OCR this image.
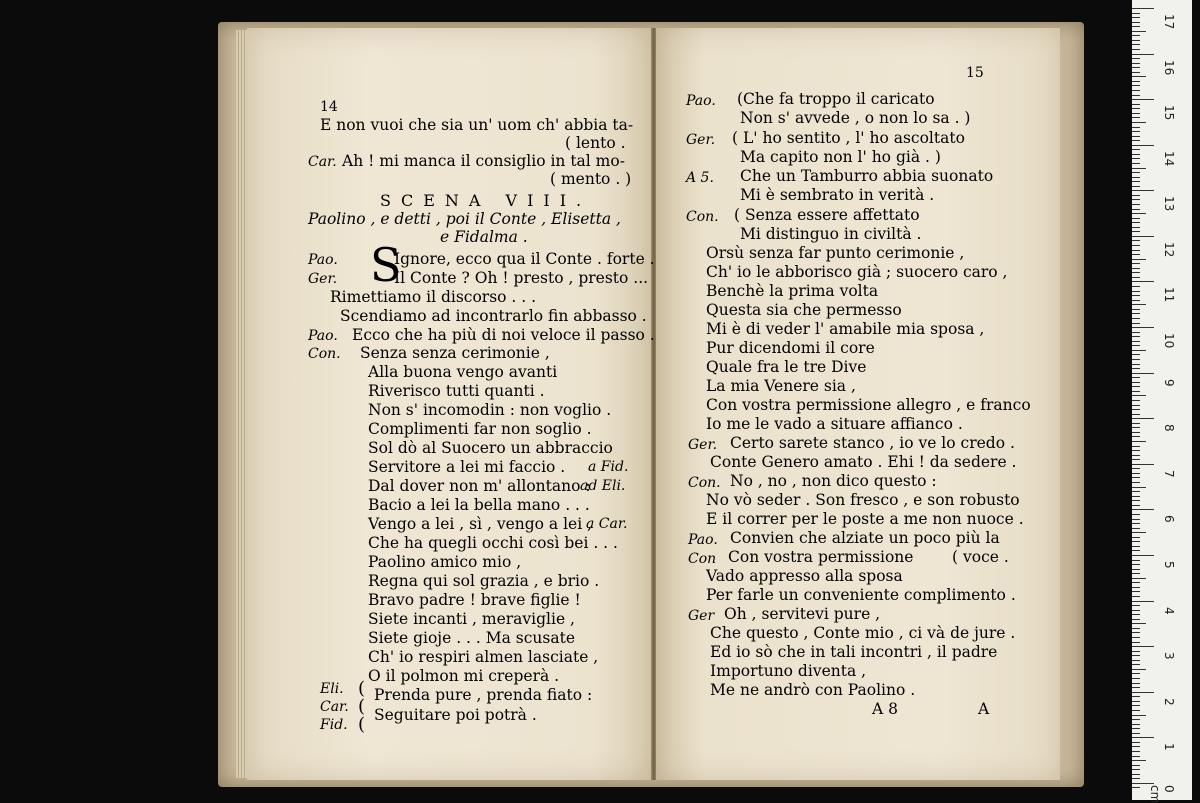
14
E non vuoi che sia un' uom ch' abbia ta-
( lento .
Car. Ah ! mi manca il consiglio in tal mo-
( mento . )
SCENA VIII.
Paolino , e detti , poi il Conte , Elisetta ,
e Fidalma .
S
Pao.	Ignore, ecco qua il Conte . forte .
Ger.	Il Conte ? Oh ! presto , presto ...
Rimettiamo il discorso . . .
Scendiamo ad incontrarlo fin abbasso .
Pao. Ecco che ha più di noi veloce il passo .
Con. Senza senza cerimonie ,
Alla buona vengo avanti
Riverisco tutti quanti .
Non s' incomodin : non voglio .
Complimenti far non soglio .
Sol dò al Suocero un abbraccio
Servitore a lei mi faccio . a Fid.
Dal dover non m' allontano :
ad Eli.
Bacio a lei la bella mano . . .
Vengo a lei , sì , vengo a lei ,
a Car.
Che ha quegli occhi così bei . . .
Paolino amico mio ,
Regna qui sol grazia , e brio .
Bravo padre ! brave figlie !
Siete incanti , meraviglie ,
Siete gioje . . . Ma scusate
Ch' io respiri almen lasciate ,
O il polmon mi creperà .
Eli.
Car.
Fid.
(
(
(
Prenda pure , prenda fiato :
Seguitare poi potrà .
15
Pao. (Che fa troppo il caricato
Non s' avvede , o non lo sa . )
Ger. ( L' ho sentito , l' ho ascoltato
Ma capito non l' ho già . )
A 5. Che un Tamburro abbia suonato
Mi è sembrato in verità .
Con. ( Senza essere affettato
Mi distinguo in civiltà .
Orsù senza far punto cerimonie ,
Ch' io le abborisco già ; suocero caro ,
Benchè la prima volta
Questa sia che permesso
Mi è di veder l' amabile mia sposa ,
Pur dicendomi il core
Quale fra le tre Dive
La mia Venere sia ,
Con vostra permissione allegro , e franco
Io me le vado a situare affianco .
Ger. Certo sarete stanco , io ve lo credo .
Conte Genero amato . Ehi ! da sedere .
Con. No , no , non dico questo :
No vò seder . Son fresco , e son robusto
E il correr per le poste a me non nuoce .
Pao. Convien che alziate un poco più la
Con Con vostra permissione ( voce .
Vado appresso alla sposa
Per farle un conveniente complimento .
Ger Oh , servitevi pure ,
Che questo , Conte mio , ci và de jure .
Ed io sò che in tali incontri , il padre
Importuno diventa ,
Me ne andrò con Paolino .
A 8	A
17
16
15
14
13
12
11
10
9
8
7
6
5
4
3
2
1
0 cm
